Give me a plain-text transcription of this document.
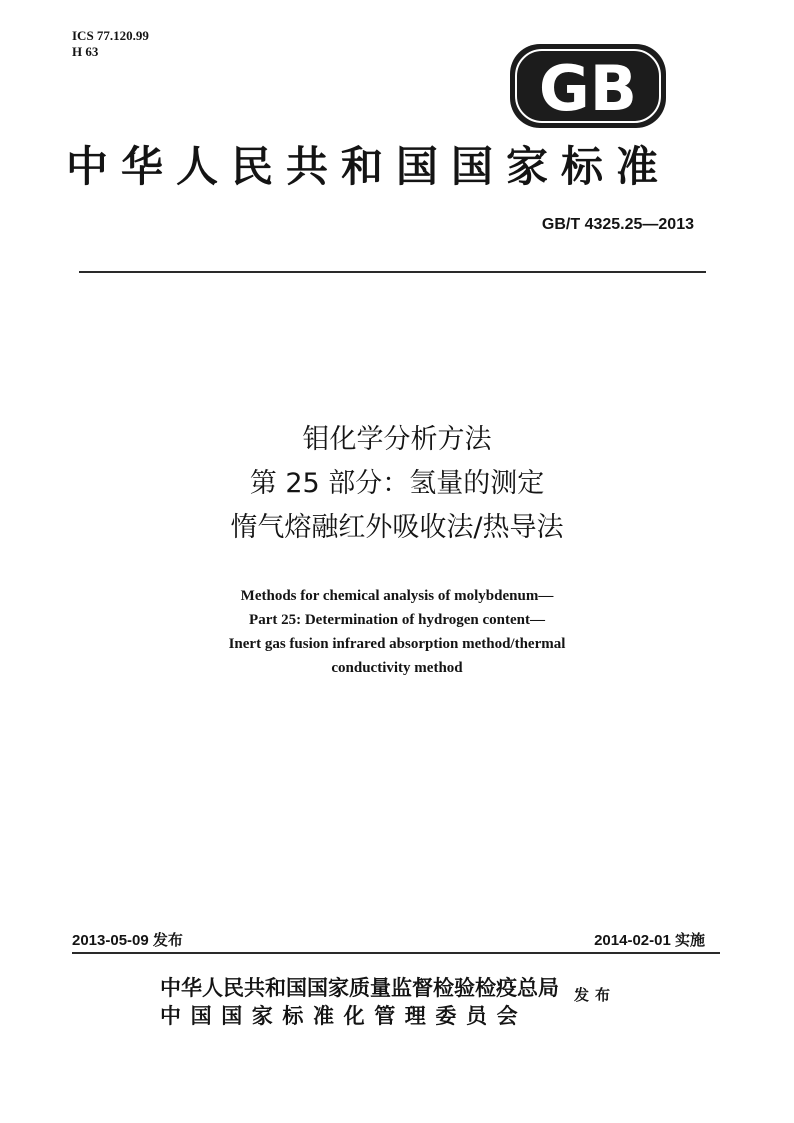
ICS 77.120.99
H 63
GB
中华人民共和国国家标准
GB/T 4325.25—2013
钼化学分析方法
第 25 部分：氢量的测定
惰气熔融红外吸收法/热导法
Methods for chemical analysis of molybdenum—
Part 25: Determination of hydrogen content—
Inert gas fusion infrared absorption method/thermal
conductivity method
2013-05-09 发布	2014-02-01 实施
中华人民共和国国家质量监督检验检疫总局
中国国家标准化管理委员会
发布
